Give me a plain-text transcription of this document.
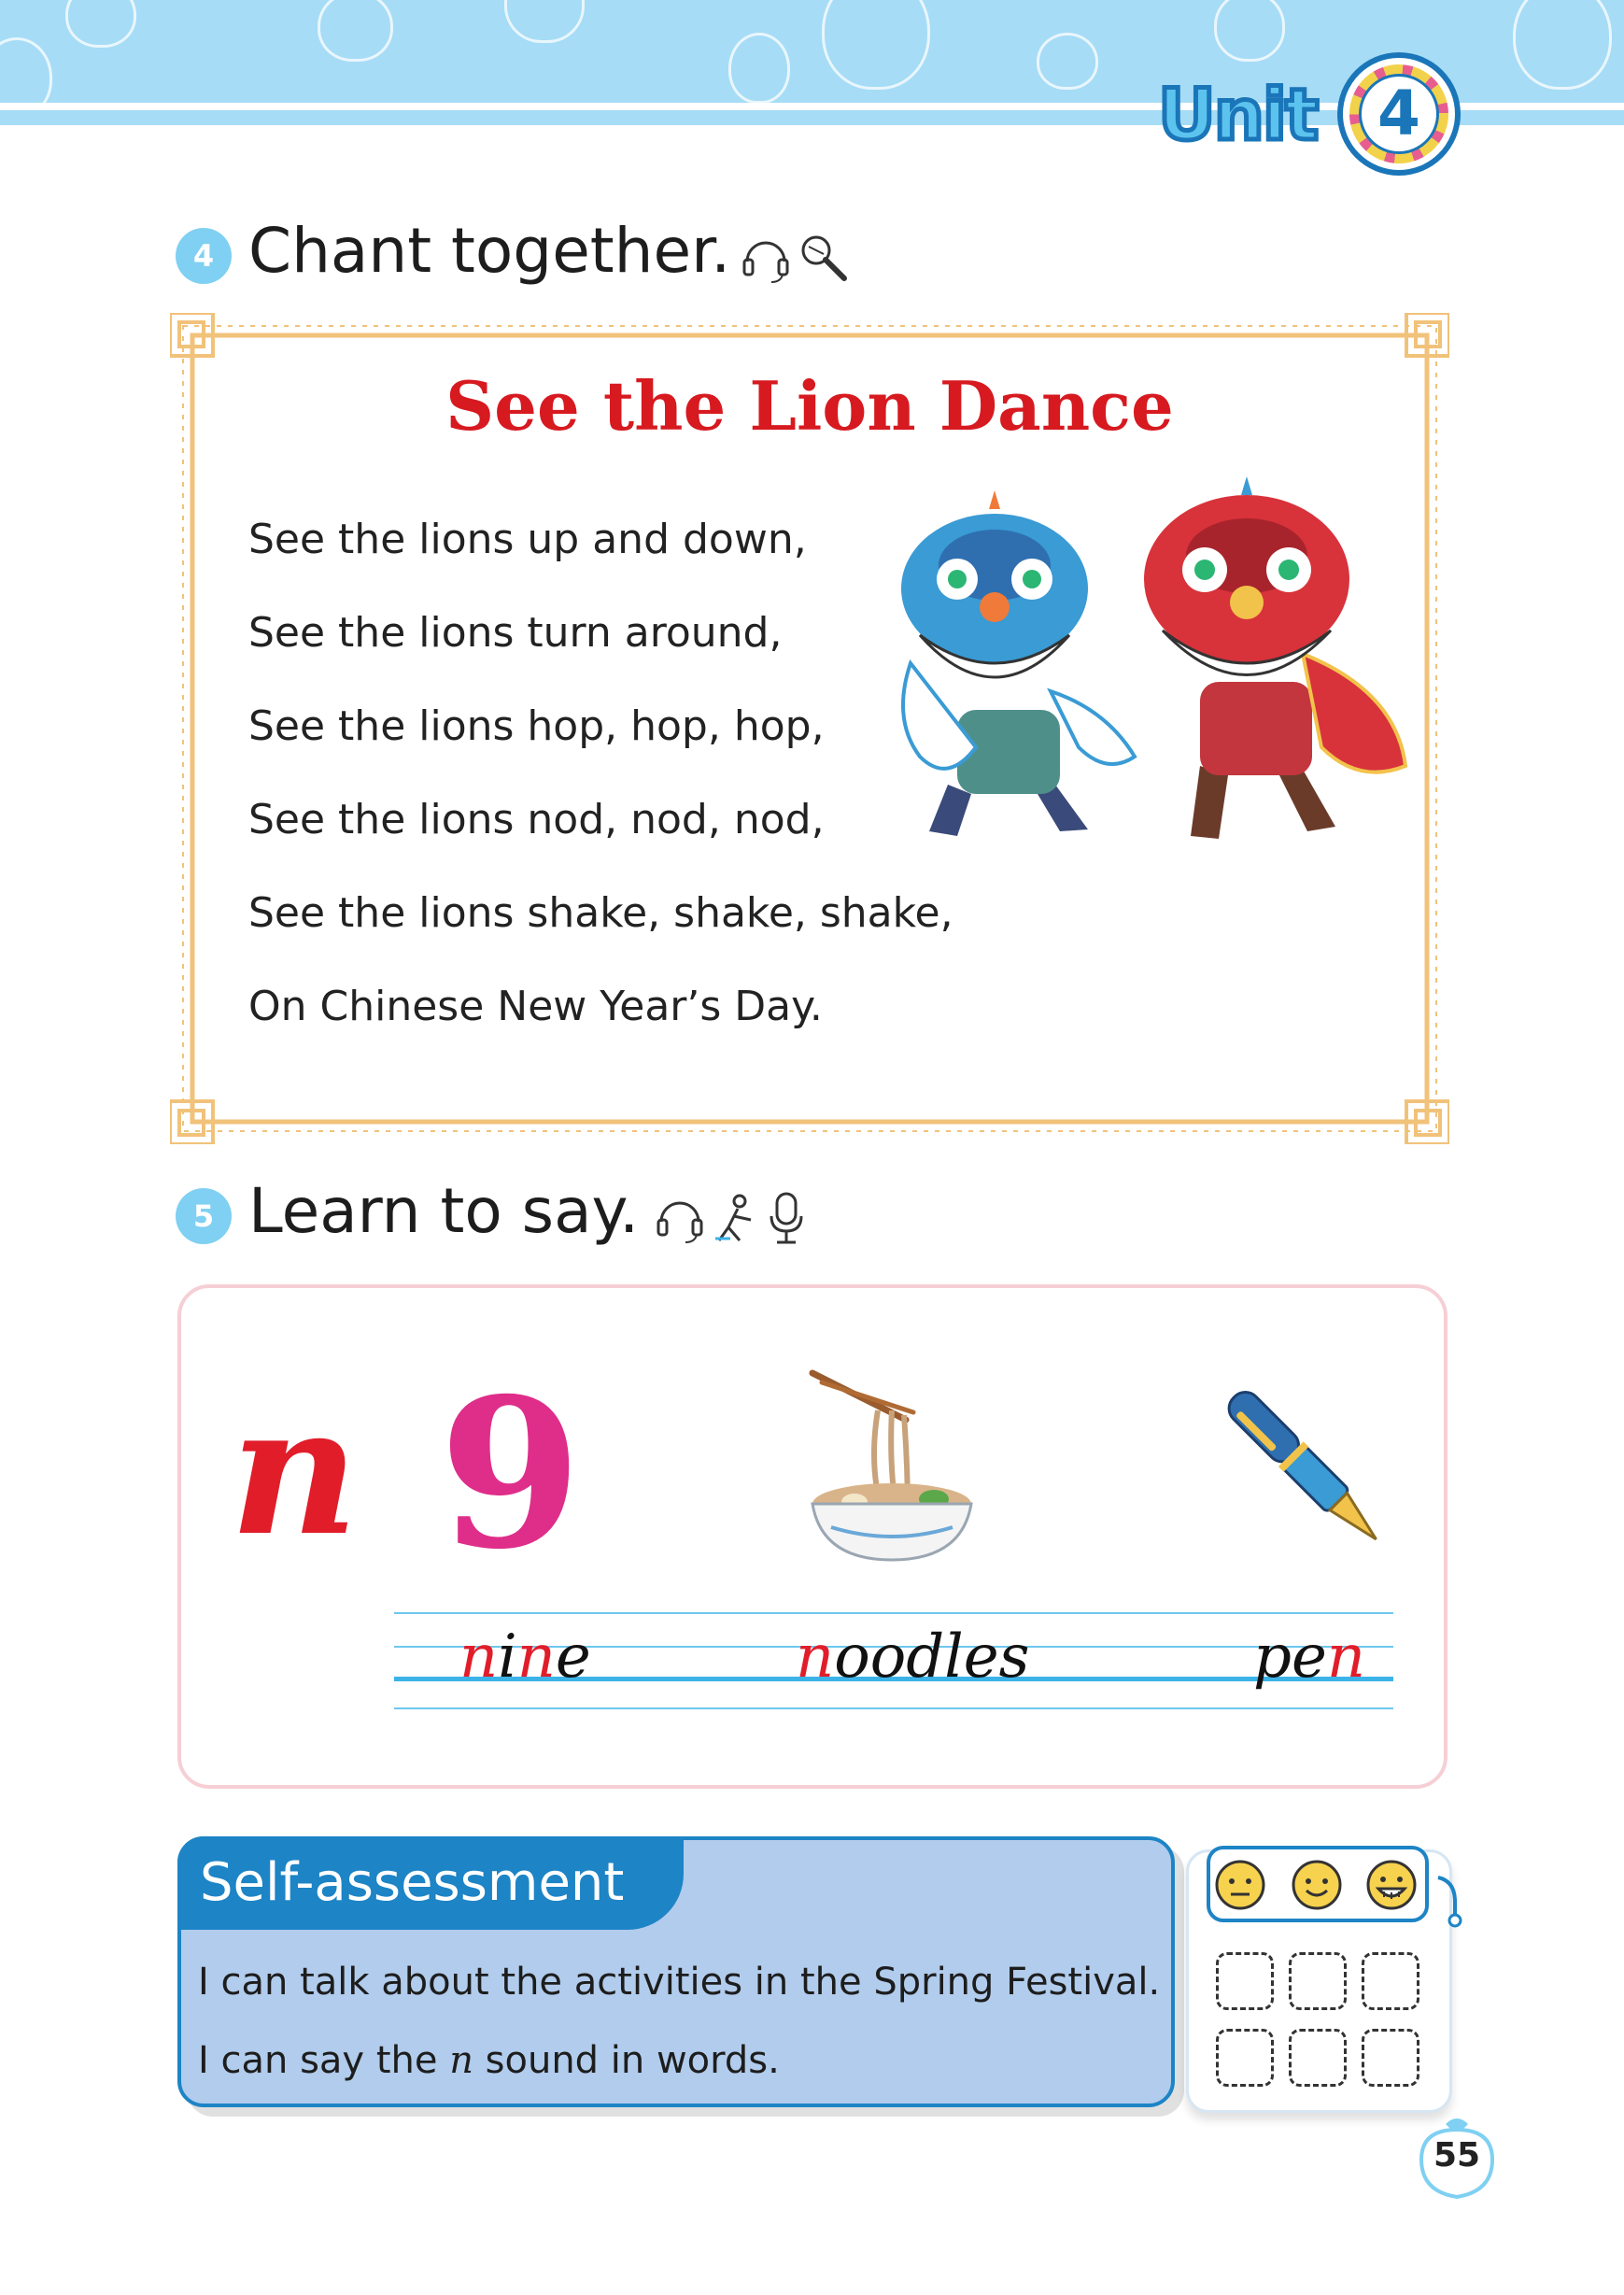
Unit 4
4 Chant together.
See the Lion Dance
See the lions up and down,
See the lions turn around,
See the lions hop, hop, hop,
See the lions nod, nod, nod,
See the lions shake, shake, shake,
On Chinese New Year’s Day.
5 Learn to say.
n 9
nine	noodles	pen
Self-assessment
I can talk about the activities in the Spring Festival.
I can say the n sound in words.
55
